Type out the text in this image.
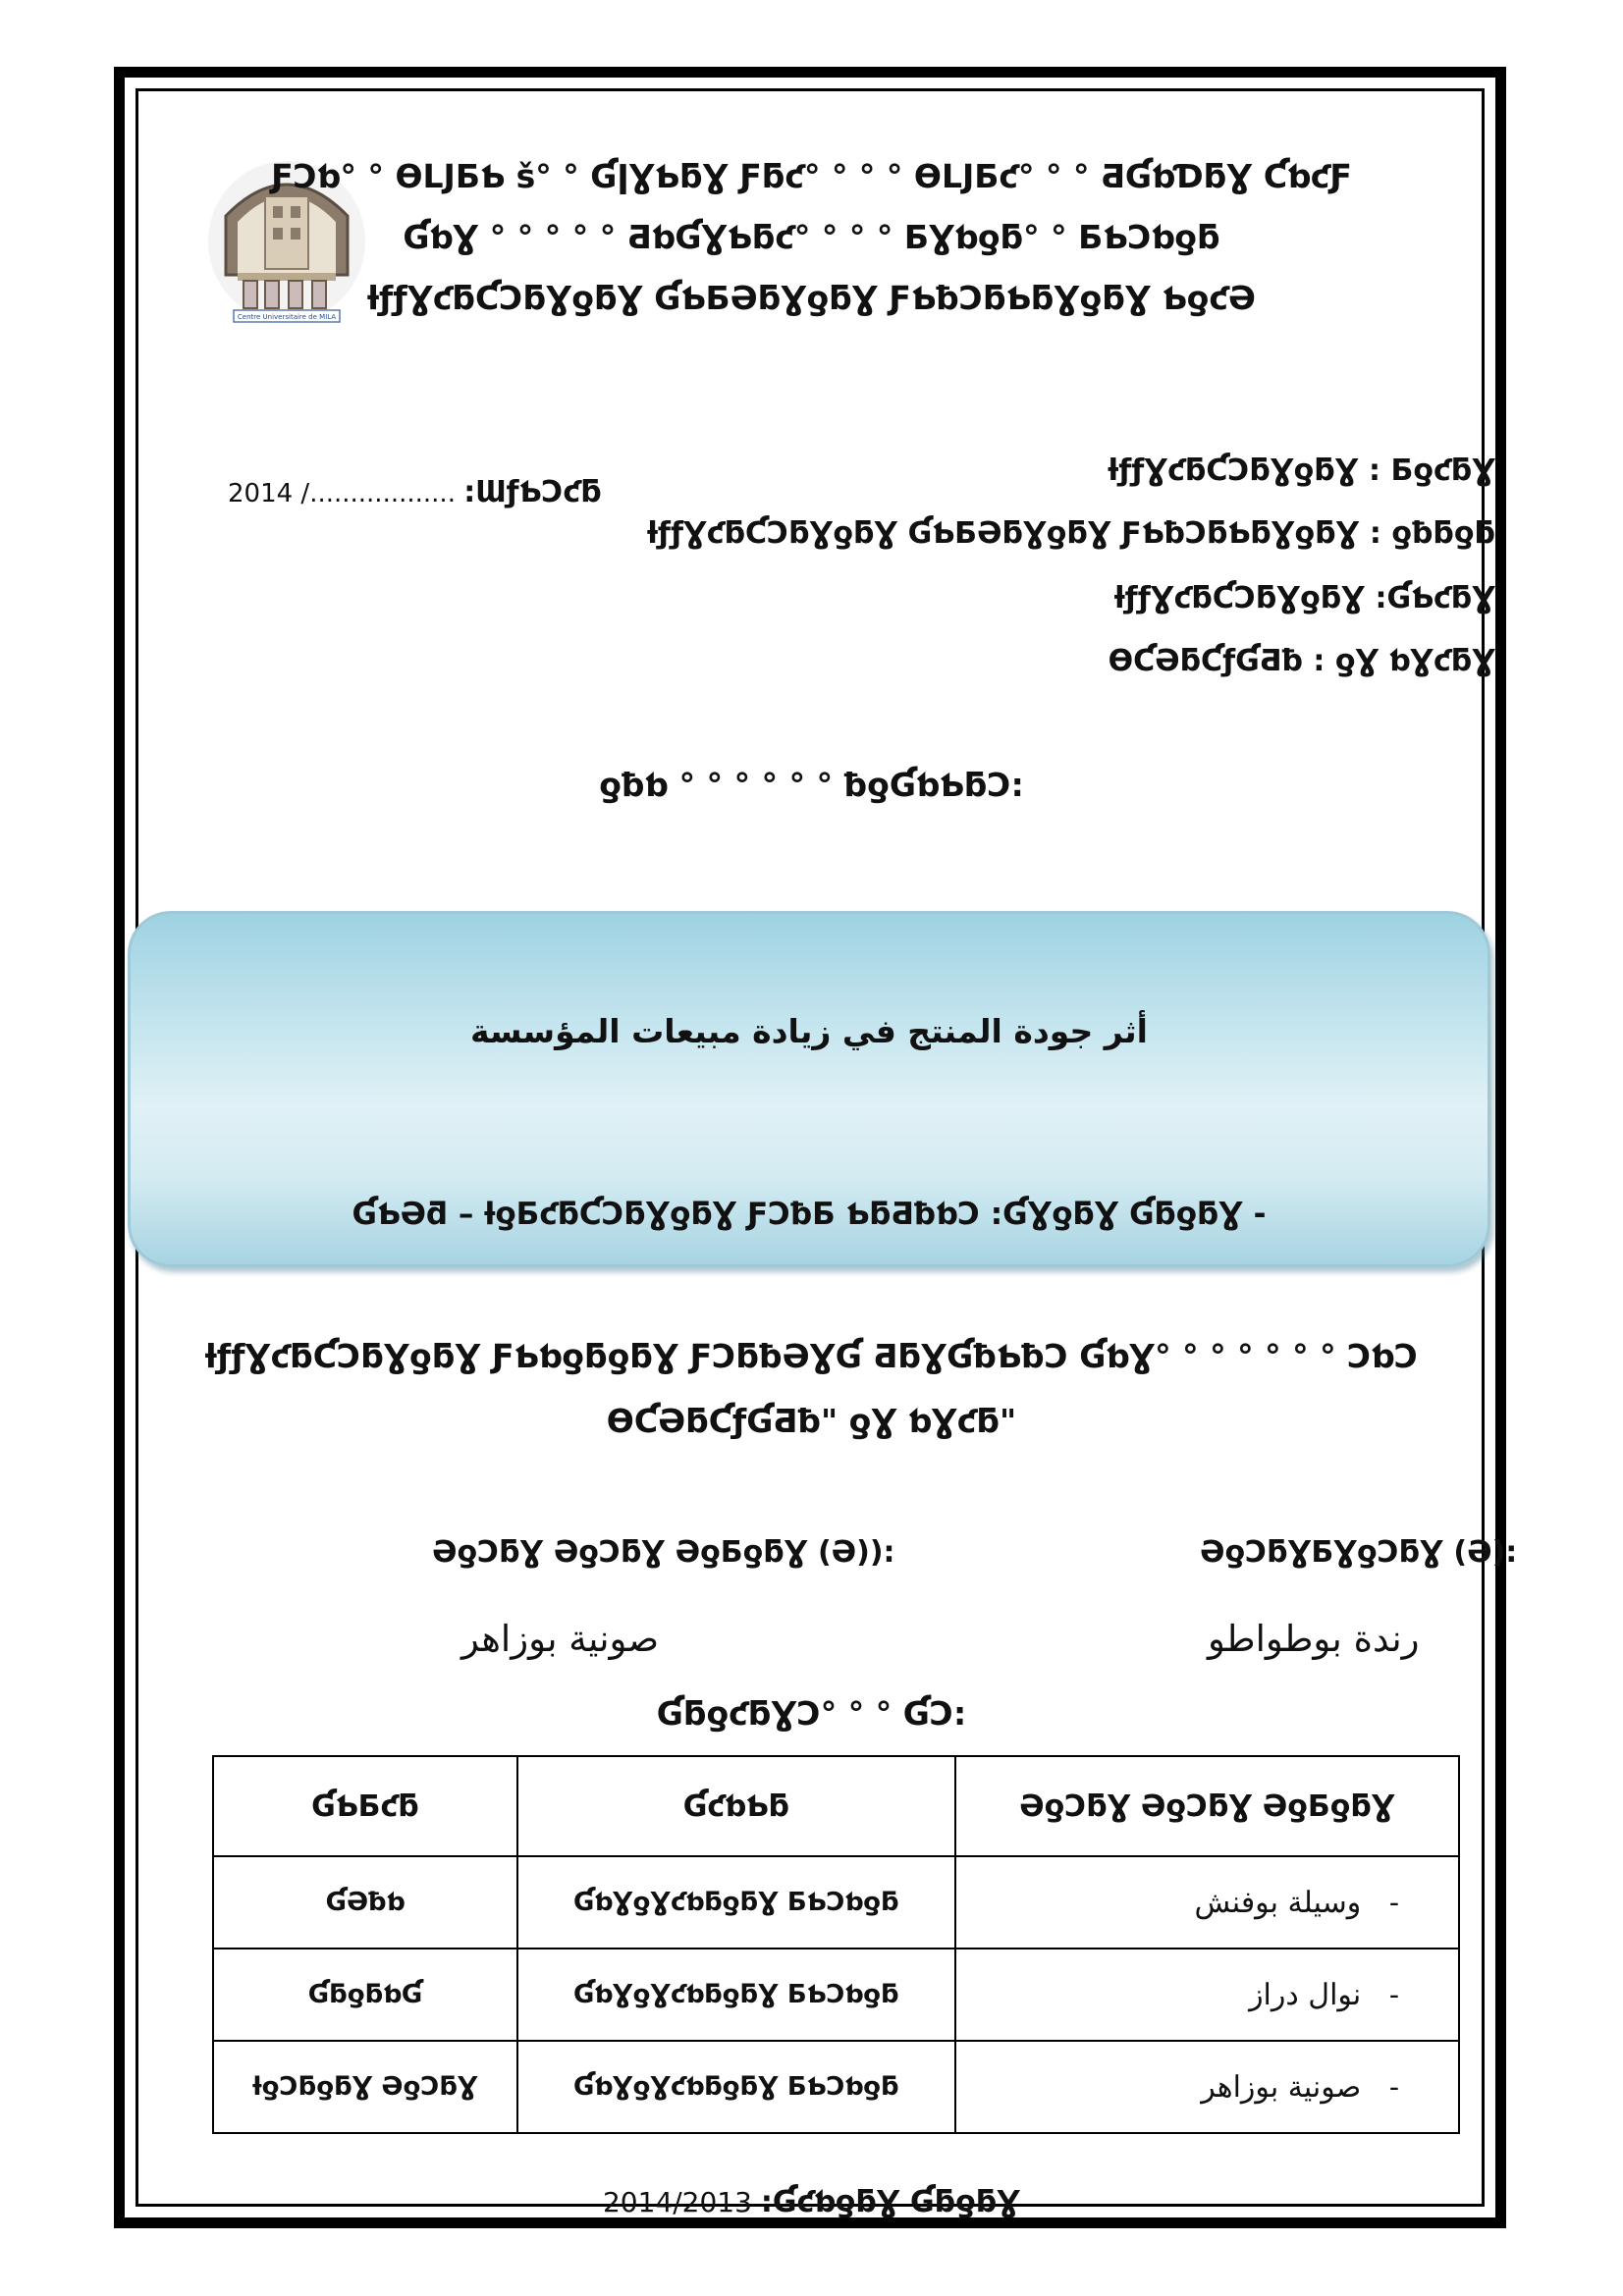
Centre Universitaire de MILA
ƑƆƅ° ° ƟǇƂƄ š° ° ƓǀƔƄƃƔ Ƒƃƈ° ° ° ° ƟǇƂƈ° ° ° ƋƓƅƊƃƔ ƇƅƈƑ
ƓƅƔ ° ° ° ° ° ƋƅƓƔƄƃƈ° ° ° ° ƂƔƅƍƃ° ° ƂƄƆƅƍƃ
ƚƒƒƔƈƃƇƆƃƔƍƃƔ ƓƄƂƏƃƔƍƃƔ ƑƄƀƆƃƄƃƔƍƃƔ ƄƍƈƏ
2014 /.................. :ƜƒƄƆƈƃ
ƚƒƒƔƈƃƇƆƃƔƍƃƔ : ƂƍƈƃƔ
ƚƒƒƔƈƃƇƆƃƔƍƃƔ ƓƄƂƏƃƔƍƃƔ ƑƄƀƆƃƄƃƔƍƃƔ : ƍƀƃƍƃ
ƚƒƒƔƈƃƇƆƃƔƍƃƔ :ƓƄƈƃƔ
ƟƇƏƃƇƒƓƋƀ : ƍƔ ƅƔƈƃƔ
:ƍƀƅ ° ° ° ° ° ° ƀƍƓƅƄƃƆ
أثر جودة المنتج في زيادة مبيعات المؤسسة
- ƓƄƏƌ – ƚƍƂƈƃƇƆƃƔƍƃƔ ƑƆƀƂ ƄƃƋƀƅƆ :ƓƔƍƃƔ ƓƃƍƃƔ
ƚƒƒƔƈƃƇƆƃƔƍƃƔ ƑƄƅƍƃƍƃƔ ƑƆƃƀƏƔƓ ƋƃƔƓƀƄƀƆ ƓƅƔ° ° ° ° ° ° ° ƆƅƆ
"ƟƇƏƃƇƒƓƋƀ" ƍƔ ƅƔƈƃ
:(ƏƍƆƃƔ ƏƍƆƃƔ ƏƍƂƍƃƔ (Ə)	:(Ə) ƏƍƆƃƔƂƔƍƆƃƔ
صونية بوزاهر	رندة بوطواطو
:ƓƃƍƈƃƔƆ° ° ° ƓƆ
ƏƍƆƃƔ ƏƍƆƃƔ ƏƍƂƍƃƔ	ƓƈƅƄƃ	ƓƄƂƈƃ
-   وسيلة بوفنش	ƓƅƔƍƔƈƅƃƍƃƔ ƂƄƆƅƍƃ	ƓƏƀƅ
-   نوال دراز	ƓƅƔƍƔƈƅƃƍƃƔ ƂƄƆƅƍƃ	ƓƃƍƃƅƓ
-   صونية بوزاهر	ƓƅƔƍƔƈƅƃƍƃƔ ƂƄƆƅƍƃ	ƚƍƆƃƍƃƔ ƏƍƆƃƔ
2014/2013 :ƓƈƅƍƃƔ ƓƃƍƃƔ
